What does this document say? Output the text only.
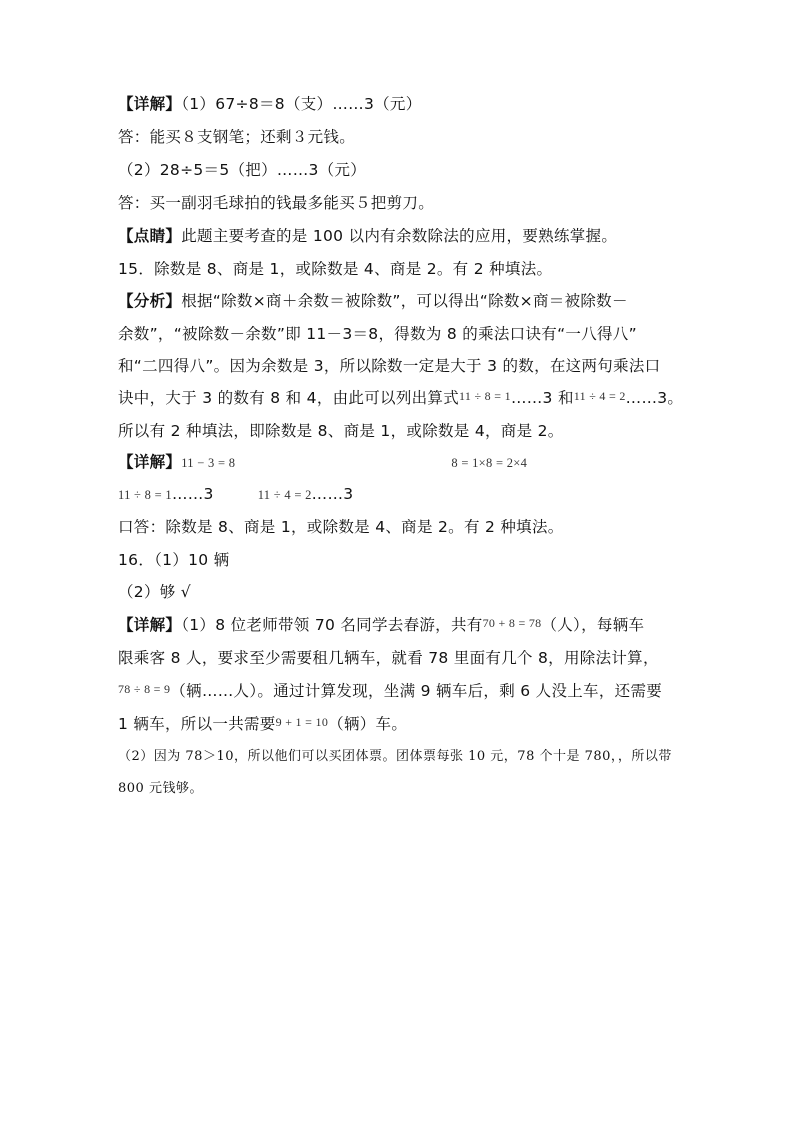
【详解】（1）67÷8＝8（支）……3（元）
答：能买８支钢笔；还剩３元钱。
（2）28÷5＝5（把）……3（元）
答：买一副羽毛球拍的钱最多能买５把剪刀。
【点睛】此题主要考查的是 100 以内有余数除法的应用，要熟练掌握。
15．除数是 8、商是 1，或除数是 4、商是 2。有 2 种填法。
【分析】根据“除数×商＋余数＝被除数”，可以得出“除数×商＝被除数－
余数”，“被除数－余数”即 11－3＝8，得数为 8 的乘法口诀有“一八得八”
和“二四得八”。因为余数是 3，所以除数一定是大于 3 的数，在这两句乘法口
诀中，大于 3 的数有 8 和 4，由此可以列出算式11 ÷ 8 = 1……3 和11 ÷ 4 = 2……3。
所以有 2 种填法，即除数是 8、商是 1，或除数是 4，商是 2。
【详解】11 − 3 = 8	8 = 1×8 = 2×4
11 ÷ 8 = 1……3	11 ÷ 4 = 2……3
口答：除数是 8、商是 1，或除数是 4、商是 2。有 2 种填法。
16．（1）10 辆
（2）够 √
【详解】（1）8 位老师带领 70 名同学去春游，共有70 + 8 = 78（人），每辆车
限乘客 8 人，要求至少需要租几辆车，就看 78 里面有几个 8，用除法计算，
78 ÷ 8 = 9（辆……人）。通过计算发现，坐满 9 辆车后，剩 6 人没上车，还需要
1 辆车，所以一共需要9 + 1 = 10（辆）车。
（2）因为 78＞10，所以他们可以买团体票。团体票每张 10 元，78 个十是 780，，所以带
800 元钱够。
